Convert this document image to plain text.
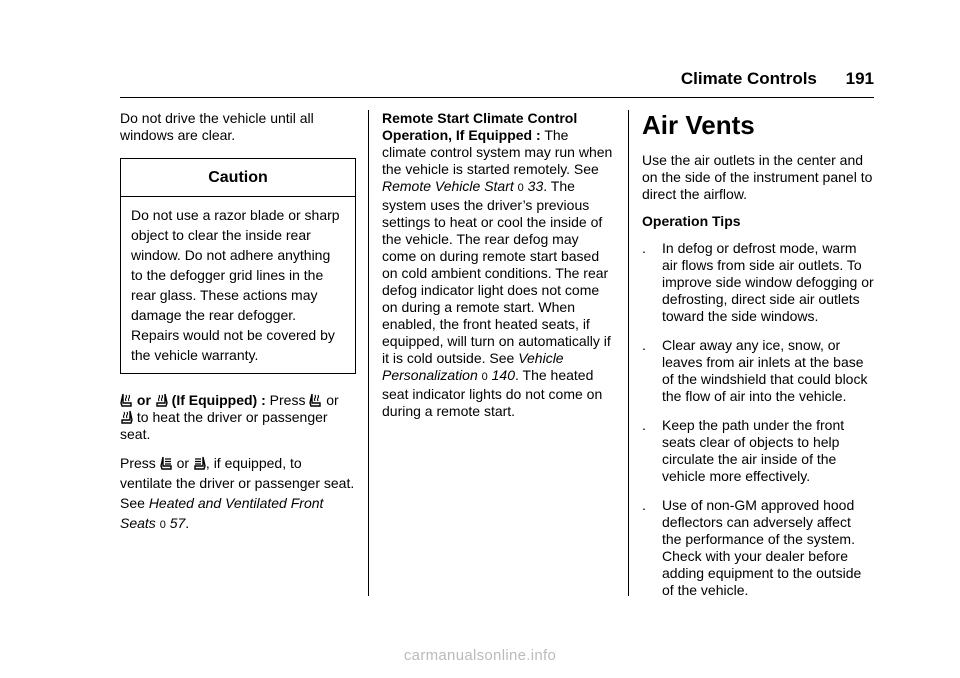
Climate Controls 191

Do not drive the vehicle until all windows are clear.

Caution
Do not use a razor blade or sharp object to clear the inside rear window. Do not adhere anything to the defogger grid lines in the rear glass. These actions may damage the rear defogger. Repairs would not be covered by the vehicle warranty.

or (If Equipped) : Press or
to heat the driver or passenger seat.

Press or , if equipped, to ventilate the driver or passenger seat. See Heated and Ventilated Front Seats 0 57.

Remote Start Climate Control Operation, If Equipped : The climate control system may run when the vehicle is started remotely. See Remote Vehicle Start 0 33. The system uses the driver’s previous settings to heat or cool the inside of the vehicle. The rear defog may come on during remote start based on cold ambient conditions. The rear defog indicator light does not come on during a remote start. When enabled, the front heated seats, if equipped, will turn on automatically if it is cold outside. See Vehicle Personalization 0 140. The heated seat indicator lights do not come on during a remote start.

Air Vents

Use the air outlets in the center and on the side of the instrument panel to direct the airflow.

Operation Tips
. In defog or defrost mode, warm air flows from side air outlets. To improve side window defogging or defrosting, direct side air outlets toward the side windows.
. Clear away any ice, snow, or leaves from air inlets at the base of the windshield that could block the flow of air into the vehicle.
. Keep the path under the front seats clear of objects to help circulate the air inside of the vehicle more effectively.
. Use of non-GM approved hood deflectors can adversely affect the performance of the system. Check with your dealer before adding equipment to the outside of the vehicle.
carmanualsonline.info
